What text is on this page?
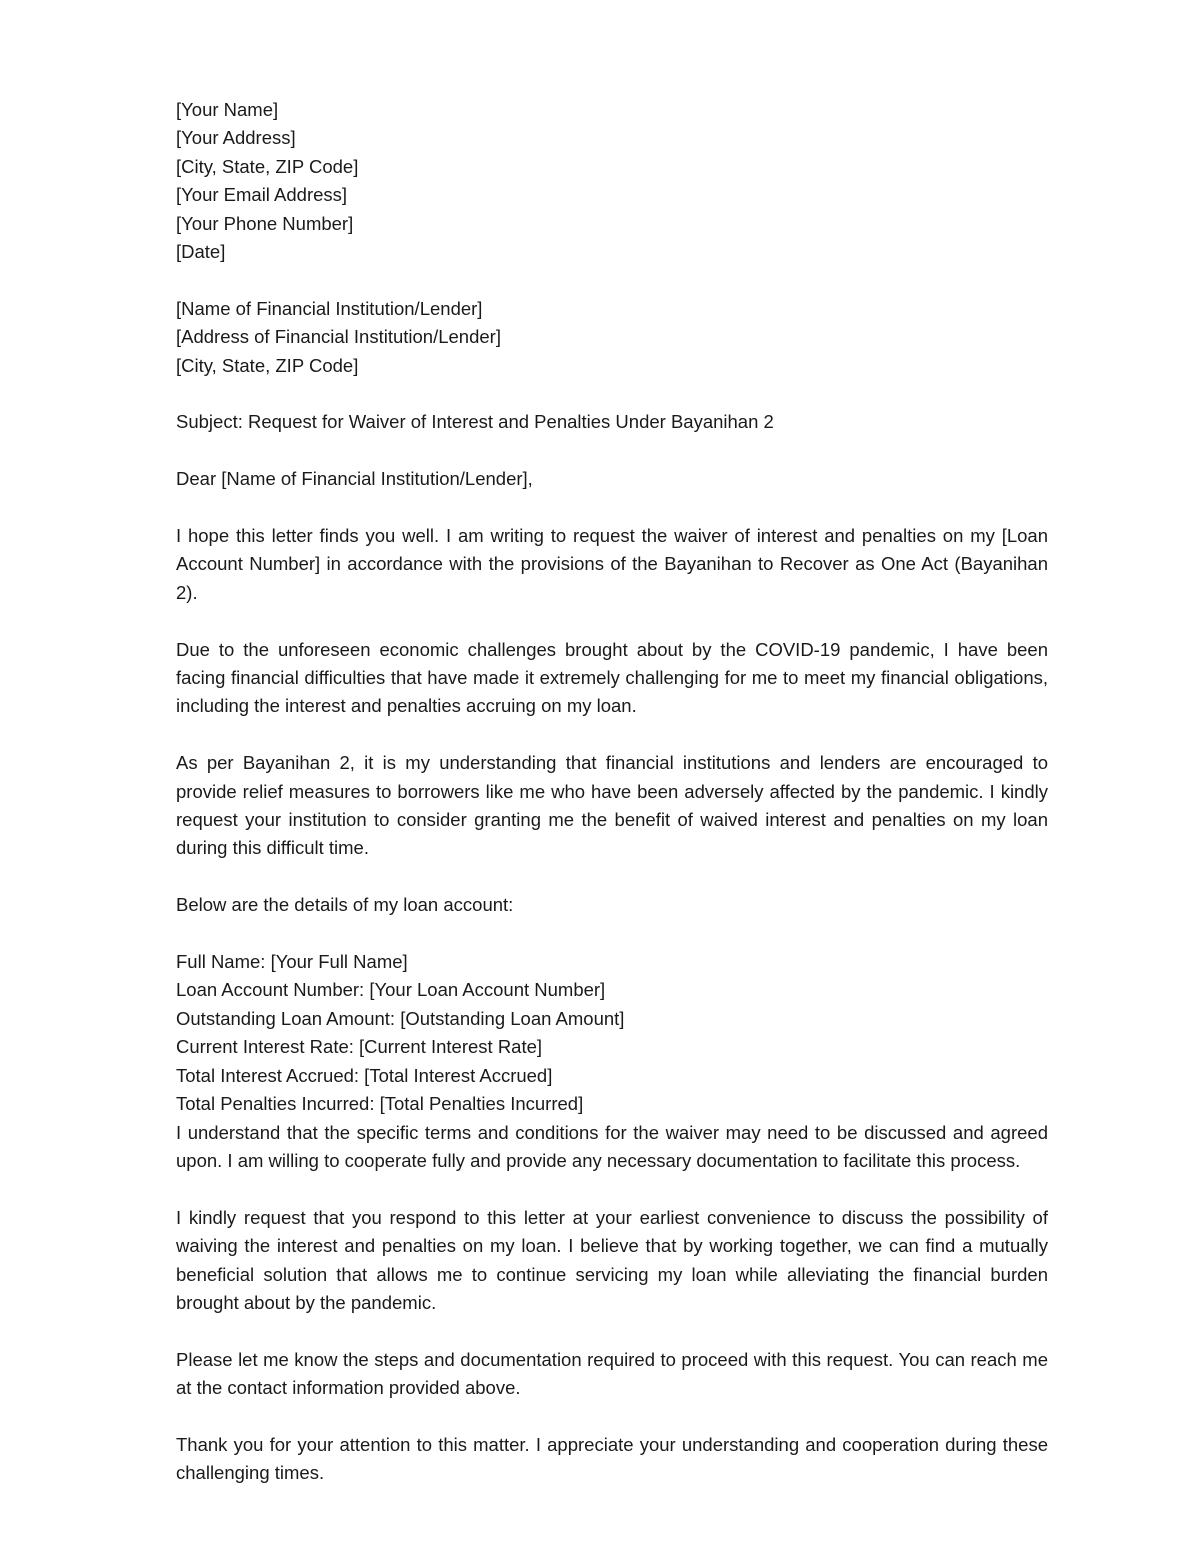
[Your Name]
[Your Address]
[City, State, ZIP Code]
[Your Email Address]
[Your Phone Number]
[Date]
[Name of Financial Institution/Lender]
[Address of Financial Institution/Lender]
[City, State, ZIP Code]
Subject: Request for Waiver of Interest and Penalties Under Bayanihan 2
Dear [Name of Financial Institution/Lender],

I hope this letter finds you well. I am writing to request the waiver of interest and penalties on my [Loan Account Number] in accordance with the provisions of the Bayanihan to Recover as One Act (Bayanihan 2).

Due to the unforeseen economic challenges brought about by the COVID-19 pandemic, I have been facing financial difficulties that have made it extremely challenging for me to meet my financial obligations, including the interest and penalties accruing on my loan.

As per Bayanihan 2, it is my understanding that financial institutions and lenders are encouraged to provide relief measures to borrowers like me who have been adversely affected by the pandemic. I kindly request your institution to consider granting me the benefit of waived interest and penalties on my loan during this difficult time.

Below are the details of my loan account:
Full Name: [Your Full Name]
Loan Account Number: [Your Loan Account Number]
Outstanding Loan Amount: [Outstanding Loan Amount]
Current Interest Rate: [Current Interest Rate]
Total Interest Accrued: [Total Interest Accrued]
Total Penalties Incurred: [Total Penalties Incurred]

I understand that the specific terms and conditions for the waiver may need to be discussed and agreed upon. I am willing to cooperate fully and provide any necessary documentation to facilitate this process.

I kindly request that you respond to this letter at your earliest convenience to discuss the possibility of waiving the interest and penalties on my loan. I believe that by working together, we can find a mutually beneficial solution that allows me to continue servicing my loan while alleviating the financial burden brought about by the pandemic.

Please let me know the steps and documentation required to proceed with this request. You can reach me at the contact information provided above.

Thank you for your attention to this matter. I appreciate your understanding and cooperation during these challenging times.
